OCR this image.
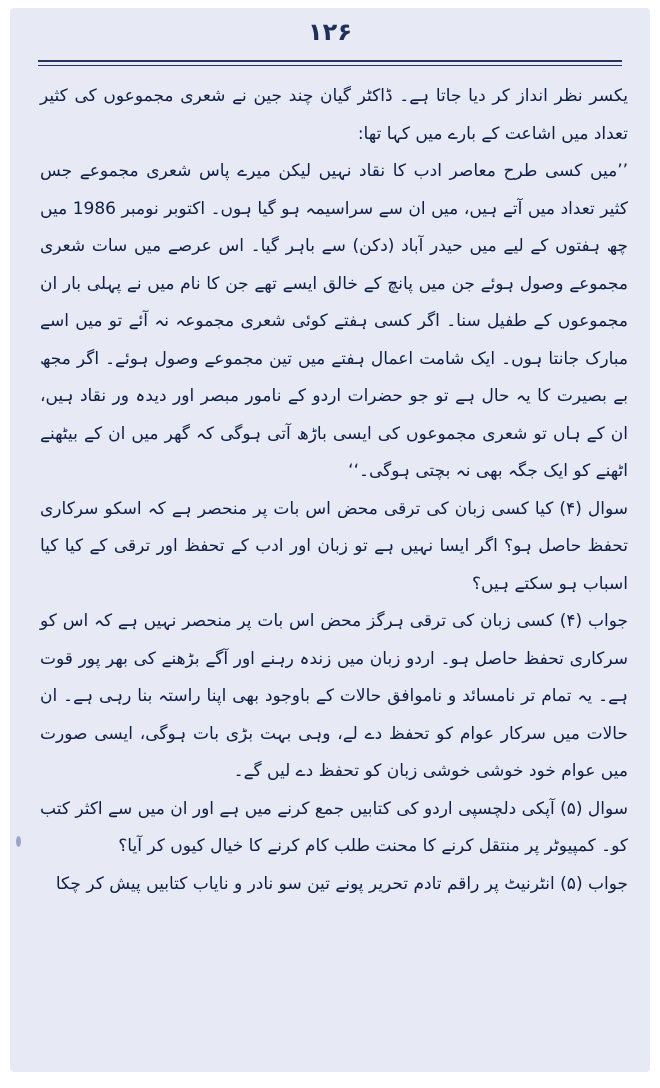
۱۲۶

یکسر نظر انداز کر دیا جاتا ہے۔ ڈاکٹر گیان چند جین نے شعری مجموعوں کی کثیر تعداد میں اشاعت کے بارے میں کہا تھا:

’’میں کسی طرح معاصر ادب کا نقاد نہیں لیکن میرے پاس شعری مجموعے جس کثیر تعداد میں آتے ہیں، میں ان سے سراسیمہ ہو گیا ہوں۔ اکتوبر نومبر 1986 میں چھ ہفتوں کے لیے میں حیدر آباد (دکن) سے باہر گیا۔ اس عرصے میں سات شعری مجموعے وصول ہوئے جن میں پانچ کے خالق ایسے تھے جن کا نام میں نے پہلی بار ان مجموعوں کے طفیل سنا۔ اگر کسی ہفتے کوئی شعری مجموعہ نہ آئے تو میں اسے مبارک جانتا ہوں۔ ایک شامت اعمال ہفتے میں تین مجموعے وصول ہوئے۔ اگر مجھ بے بصیرت کا یہ حال ہے تو جو حضرات اردو کے نامور مبصر اور دیدہ ور نقاد ہیں، ان کے ہاں تو شعری مجموعوں کی ایسی باڑھ آتی ہوگی کہ گھر میں ان کے بیٹھنے اٹھنے کو ایک جگہ بھی نہ بچتی ہوگی۔‘‘

سوال (۴) کیا کسی زبان کی ترقی محض اس بات پر منحصر ہے کہ اسکو سرکاری تحفظ حاصل ہو؟ اگر ایسا نہیں ہے تو زبان اور ادب کے تحفظ اور ترقی کے کیا کیا اسباب ہو سکتے ہیں؟

جواب (۴) کسی زبان کی ترقی ہرگز محض اس بات پر منحصر نہیں ہے کہ اس کو سرکاری تحفظ حاصل ہو۔ اردو زبان میں زندہ رہنے اور آگے بڑھنے کی بھر پور قوت ہے۔ یہ تمام تر نامسائد و ناموافق حالات کے باوجود بھی اپنا راستہ بنا رہی ہے۔ ان حالات میں سرکار عوام کو تحفظ دے لے، وہی بہت بڑی بات ہوگی، ایسی صورت میں عوام خود خوشی خوشی زبان کو تحفظ دے لیں گے۔

سوال (۵) آپکی دلچسپی اردو کی کتابیں جمع کرنے میں ہے اور ان میں سے اکثر کتب کو۔ کمپیوٹر پر منتقل کرنے کا محنت طلب کام کرنے کا خیال کیوں کر آیا؟

جواب (۵) انٹرنیٹ پر راقم تادم تحریر پونے تین سو نادر و نایاب کتابیں پیش کر چکا
